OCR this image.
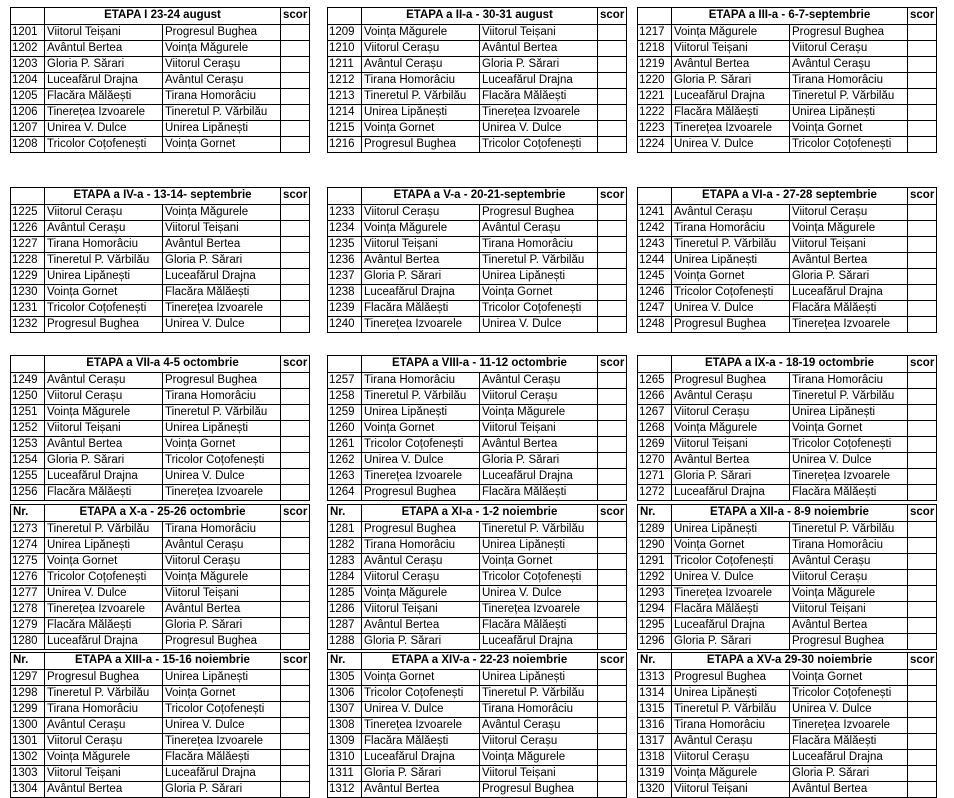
	ETAPA I 23-24 august		scor
1201	Viitorul Teișani	Progresul Bughea	
1202	Avântul Bertea	Voința Măgurele	
1203	Gloria P. Sărari	Viitorul Cerașu	
1204	Luceafărul Drajna	Avântul Cerașu	
1205	Flacăra Mălăești	Tirana Homorâciu	
1206	Tinerețea Izvoarele	Tineretul P. Vărbilău	
1207	Unirea V. Dulce	Unirea Lipănești	
1208	Tricolor Coțofenești	Voința Gornet	
	ETAPA a II-a - 30-31 august		scor
1209	Voința Măgurele	Viitorul Teișani	
1210	Viitorul Cerașu	Avântul Bertea	
1211	Avântul Cerașu	Gloria P. Sărari	
1212	Tirana Homorâciu	Luceafărul Drajna	
1213	Tineretul P. Vărbilău	Flacăra Mălăești	
1214	Unirea Lipănești	Tinerețea Izvoarele	
1215	Voința Gornet	Unirea V. Dulce	
1216	Progresul Bughea	Tricolor Coțofenești	
	ETAPA a III-a - 6-7-septembrie		scor
1217	Voința Măgurele	Progresul Bughea	
1218	Viitorul Teișani	Viitorul Cerașu	
1219	Avântul Bertea	Avântul Cerașu	
1220	Gloria P. Sărari	Tirana Homorâciu	
1221	Luceafărul Drajna	Tineretul P. Vărbilău	
1222	Flacăra Mălăești	Unirea Lipănești	
1223	Tinerețea Izvoarele	Voința Gornet	
1224	Unirea V. Dulce	Tricolor Coțofenești	
	ETAPA a IV-a - 13-14- septembrie		scor
1225	Viitorul Cerașu	Voința Măgurele	
1226	Avântul Cerașu	Viitorul Teișani	
1227	Tirana Homorâciu	Avântul Bertea	
1228	Tineretul P. Vărbilău	Gloria P. Sărari	
1229	Unirea Lipănești	Luceafărul Drajna	
1230	Voința Gornet	Flacăra Mălăești	
1231	Tricolor Coțofenești	Tinerețea Izvoarele	
1232	Progresul Bughea	Unirea V. Dulce	
	ETAPA a V-a - 20-21-septembrie		scor
1233	Viitorul Cerașu	Progresul Bughea	
1234	Voința Măgurele	Avântul Cerașu	
1235	Viitorul Teișani	Tirana Homorâciu	
1236	Avântul Bertea	Tineretul P. Vărbilău	
1237	Gloria P. Sărari	Unirea Lipănești	
1238	Luceafărul Drajna	Voința Gornet	
1239	Flacăra Mălăești	Tricolor Coțofenești	
1240	Tinerețea Izvoarele	Unirea V. Dulce	
	ETAPA a VI-a - 27-28 septembrie		scor
1241	Avântul Cerașu	Viitorul Cerașu	
1242	Tirana Homorâciu	Voința Măgurele	
1243	Tineretul P. Vărbilău	Viitorul Teișani	
1244	Unirea Lipănești	Avântul Bertea	
1245	Voința Gornet	Gloria P. Sărari	
1246	Tricolor Coțofenești	Luceafărul Drajna	
1247	Unirea V. Dulce	Flacăra Mălăești	
1248	Progresul Bughea	Tinerețea Izvoarele	
	ETAPA a VII-a 4-5 octombrie		scor
1249	Avântul Cerașu	Progresul Bughea	
1250	Viitorul Cerașu	Tirana Homorâciu	
1251	Voința Măgurele	Tineretul P. Vărbilău	
1252	Viitorul Teișani	Unirea Lipănești	
1253	Avântul Bertea	Voința Gornet	
1254	Gloria P. Sărari	Tricolor Coțofenești	
1255	Luceafărul Drajna	Unirea V. Dulce	
1256	Flacăra Mălăești	Tinerețea Izvoarele	
	ETAPA a VIII-a - 11-12 octombrie		scor
1257	Tirana Homorâciu	Avântul Cerașu	
1258	Tineretul P. Vărbilău	Viitorul Cerașu	
1259	Unirea Lipănești	Voința Măgurele	
1260	Voința Gornet	Viitorul Teișani	
1261	Tricolor Coțofenești	Avântul Bertea	
1262	Unirea V. Dulce	Gloria P. Sărari	
1263	Tinerețea Izvoarele	Luceafărul Drajna	
1264	Progresul Bughea	Flacăra Mălăești	
	ETAPA a IX-a - 18-19 octombrie		scor
1265	Progresul Bughea	Tirana Homorâciu	
1266	Avântul Cerașu	Tineretul P. Vărbilău	
1267	Viitorul Cerașu	Unirea Lipănești	
1268	Voința Măgurele	Voința Gornet	
1269	Viitorul Teișani	Tricolor Coțofenești	
1270	Avântul Bertea	Unirea V. Dulce	
1271	Gloria P. Sărari	Tinerețea Izvoarele	
1272	Luceafărul Drajna	Flacăra Mălăești	
Nr.	ETAPA a X-a - 25-26 octombrie		scor
1273	Tineretul P. Vărbilău	Tirana Homorâciu	
1274	Unirea Lipănești	Avântul Cerașu	
1275	Voința Gornet	Viitorul Cerașu	
1276	Tricolor Coțofenești	Voința Măgurele	
1277	Unirea V. Dulce	Viitorul Teișani	
1278	Tinerețea Izvoarele	Avântul Bertea	
1279	Flacăra Mălăești	Gloria P. Sărari	
1280	Luceafărul Drajna	Progresul Bughea	
Nr.	ETAPA a XI-a - 1-2 noiembrie		scor
1281	Progresul Bughea	Tineretul P. Vărbilău	
1282	Tirana Homorâciu	Unirea Lipănești	
1283	Avântul Cerașu	Voința Gornet	
1284	Viitorul Cerașu	Tricolor Coțofenești	
1285	Voința Măgurele	Unirea V. Dulce	
1286	Viitorul Teișani	Tinerețea Izvoarele	
1287	Avântul Bertea	Flacăra Mălăești	
1288	Gloria P. Sărari	Luceafărul Drajna	
Nr.	ETAPA a XII-a - 8-9 noiembrie		scor
1289	Unirea Lipănești	Tineretul P. Vărbilău	
1290	Voința Gornet	Tirana Homorâciu	
1291	Tricolor Coțofenești	Avântul Cerașu	
1292	Unirea V. Dulce	Viitorul Cerașu	
1293	Tinerețea Izvoarele	Voința Măgurele	
1294	Flacăra Mălăești	Viitorul Teișani	
1295	Luceafărul Drajna	Avântul Bertea	
1296	Gloria P. Sărari	Progresul Bughea	
Nr.	ETAPA a XIII-a - 15-16 noiembrie		scor
1297	Progresul Bughea	Unirea Lipănești	
1298	Tineretul P. Vărbilău	Voința Gornet	
1299	Tirana Homorâciu	Tricolor Coțofenești	
1300	Avântul Cerașu	Unirea V. Dulce	
1301	Viitorul Cerașu	Tinerețea Izvoarele	
1302	Voința Măgurele	Flacăra Mălăești	
1303	Viitorul Teișani	Luceafărul Drajna	
1304	Avântul Bertea	Gloria P. Sărari	
Nr.	ETAPA a XIV-a - 22-23 noiembrie		scor
1305	Voința Gornet	Unirea Lipănești	
1306	Tricolor Coțofenești	Tineretul P. Vărbilău	
1307	Unirea V. Dulce	Tirana Homorâciu	
1308	Tinerețea Izvoarele	Avântul Cerașu	
1309	Flacăra Mălăești	Viitorul Cerașu	
1310	Luceafărul Drajna	Voința Măgurele	
1311	Gloria P. Sărari	Viitorul Teișani	
1312	Avântul Bertea	Progresul Bughea	
Nr.	ETAPA a XV-a 29-30 noiembrie		scor
1313	Progresul Bughea	Voința Gornet	
1314	Unirea Lipănești	Tricolor Coțofenești	
1315	Tineretul P. Vărbilău	Unirea V. Dulce	
1316	Tirana Homorâciu	Tinerețea Izvoarele	
1317	Avântul Cerașu	Flacăra Mălăești	
1318	Viitorul Cerașu	Luceafărul Drajna	
1319	Voința Măgurele	Gloria P. Sărari	
1320	Viitorul Teișani	Avântul Bertea	
